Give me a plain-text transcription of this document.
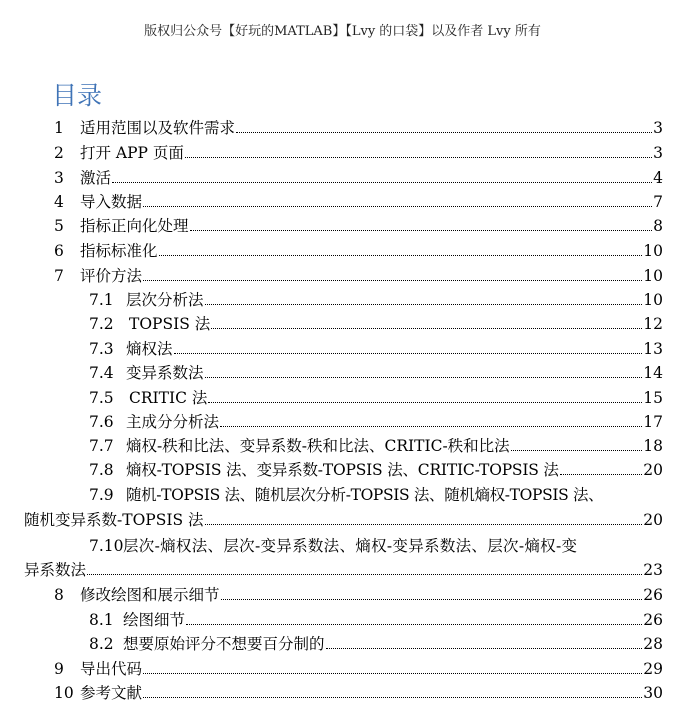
版权归公众号【好玩的MATLAB】【Lvy 的口袋】以及作者 Lvy 所有
目录
1	适用范围以及软件需求	3
2	打开 APP 页面	3
3	激活	4
4	导入数据	7
5	指标正向化处理	8
6	指标标准化	10
7	评价方法	10
7.1 层次分析法	10
7.2 TOPSIS 法	12
7.3 熵权法	13
7.4 变异系数法	14
7.5 CRITIC 法	15
7.6 主成分分析法	17
7.7 熵权-秩和比法、变异系数-秩和比法、CRITIC-秩和比法	18
7.8 熵权-TOPSIS 法、变异系数-TOPSIS 法、CRITIC-TOPSIS 法	20
7.9 随机-TOPSIS 法、随机层次分析-TOPSIS 法、随机熵权-TOPSIS 法、
随机变异系数-TOPSIS 法	20
7.10层次-熵权法、层次-变异系数法、熵权-变异系数法、层次-熵权-变
异系数法	23
8	修改绘图和展示细节	26
8.1 绘图细节	26
8.2 想要原始评分不想要百分制的	28
9	导出代码	29
10 参考文献	30
